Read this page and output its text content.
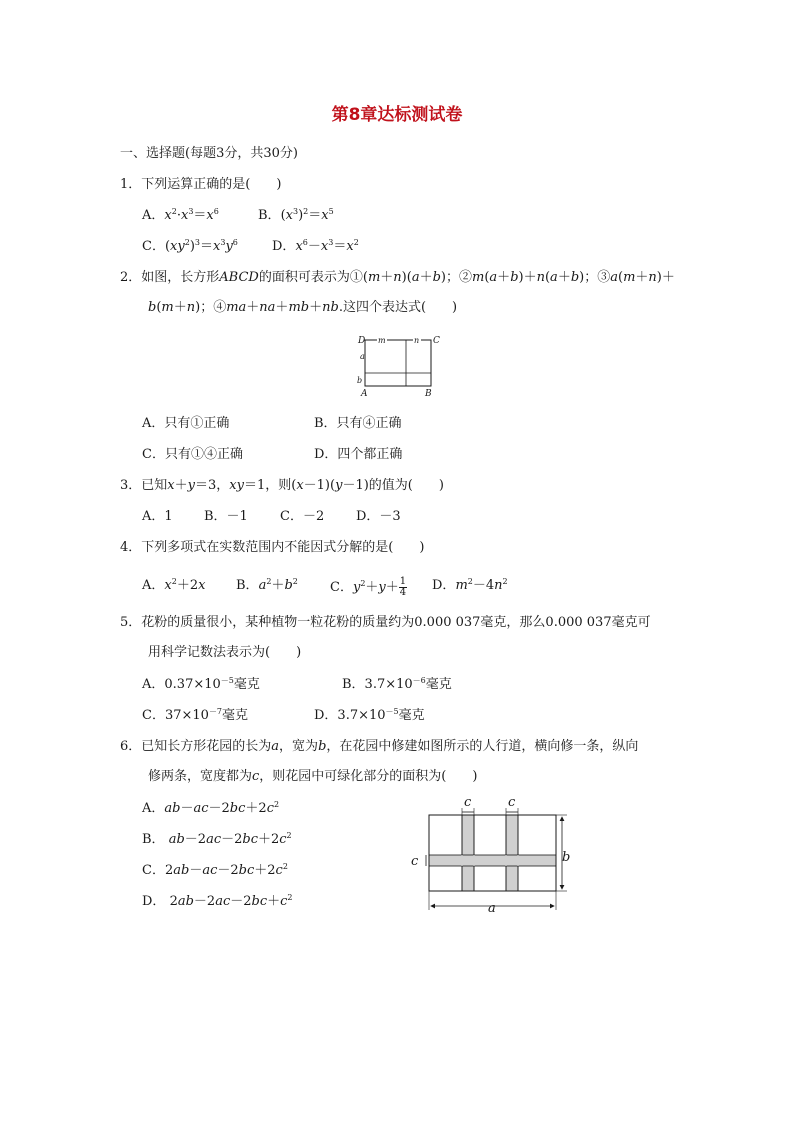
第8章达标测试卷
一、选择题(每题3分，共30分)
1．下列运算正确的是(　　)
A．$x^2\cdot x^3=x^6$	B．$(x^3)^2=x^5$
C．$(xy^2)^3=x^3y^6$	D．$x^6-x^3=x^2$
2．如图，长方形ABCD的面积可表示为①(m＋n)(a＋b)；②m(a＋b)＋n(a＋b)；③a(m＋n)＋
b(m＋n)；④ma＋na＋mb＋nb.这四个表达式(　　)
D	C
A	B
m	n
a
b
A．只有①正确	B．只有④正确
C．只有①④正确	D．四个都正确
3．已知x＋y＝3，xy＝1，则(x－1)(y－1)的值为(　　)
A．1 B．－1 C．－2 D．－3
4．下列多项式在实数范围内不能因式分解的是(　　)
A．$x^2+2x$ B．$a^2+b^2$ C．$y^2+y+ \frac{1}{4}$ D．$m^2-4n^2$
5．花粉的质量很小，某种植物一粒花粉的质量约为0.000 037毫克，那么0.000 037毫克可
用科学记数法表示为(　　)
A．$0.37\times 10^{-5}$毫克	B．$3.7\times 10^{-6}$毫克
C．$37\times 10^{-7}$毫克	D．$3.7\times 10^{-5}$毫克
6．已知长方形花园的长为a，宽为b，在花园中修建如图所示的人行道，横向修一条，纵向
修两条，宽度都为c，则花园中可绿化部分的面积为(　　)
A．$ab-ac-2bc+2c^2$
B． $ab-2ac-2bc+2c^2$
C．$2ab-ac-2bc+2c^2$
D． $2ab-2ac-2bc+c^2$
c	c
c	b
a
